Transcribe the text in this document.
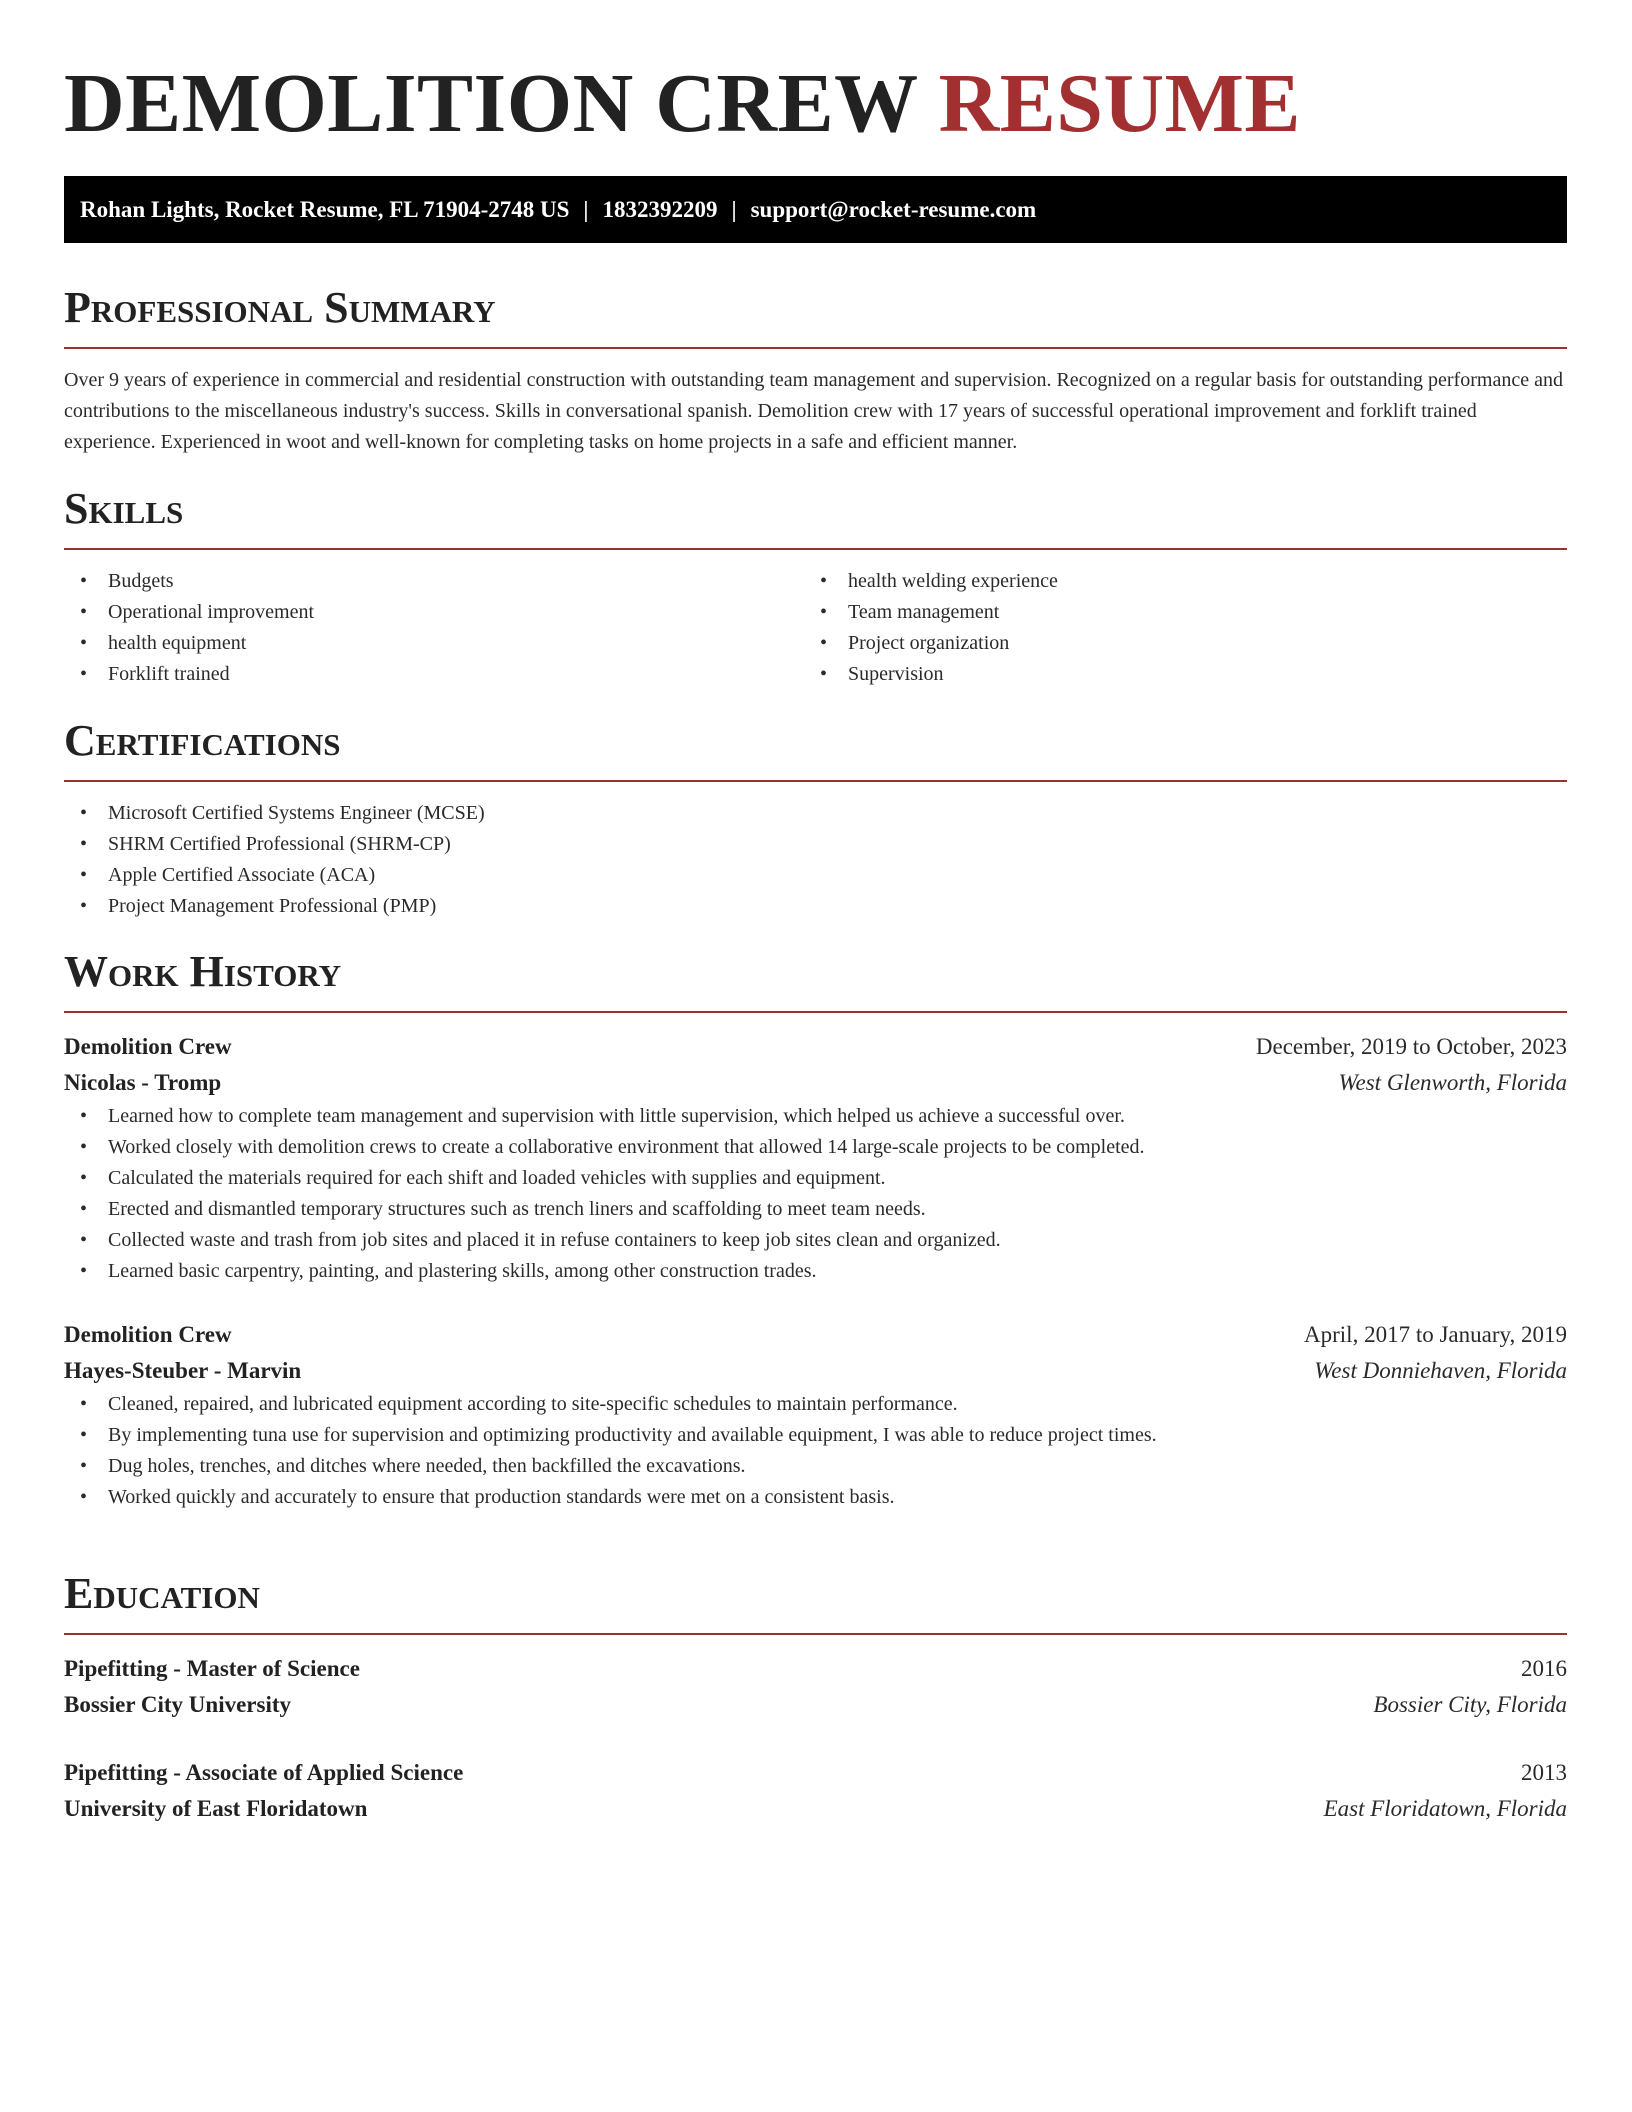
DEMOLITION CREW RESUME
Rohan Lights, Rocket Resume, FL 71904-2748 US | 1832392209 | support@rocket-resume.com
Professional Summary

Over 9 years of experience in commercial and residential construction with outstanding team management and supervision. Recognized on a regular basis for outstanding performance and contributions to the miscellaneous industry's success. Skills in conversational spanish. Demolition crew with 17 years of successful operational improvement and forklift trained experience. Experienced in woot and well-known for completing tasks on home projects in a safe and efficient manner.

Skills
• Budgets
• Operational improvement
• health equipment
• Forklift trained
• health welding experience
• Team management
• Project organization
• Supervision
Certifications
• Microsoft Certified Systems Engineer (MCSE)
• SHRM Certified Professional (SHRM-CP)
• Apple Certified Associate (ACA)
• Project Management Professional (PMP)
Work History
Demolition Crew	December, 2019 to October, 2023
Nicolas - Tromp	West Glenworth, Florida
• Learned how to complete team management and supervision with little supervision, which helped us achieve a successful over.
• Worked closely with demolition crews to create a collaborative environment that allowed 14 large-scale projects to be completed.
• Calculated the materials required for each shift and loaded vehicles with supplies and equipment.
• Erected and dismantled temporary structures such as trench liners and scaffolding to meet team needs.
• Collected waste and trash from job sites and placed it in refuse containers to keep job sites clean and organized.
• Learned basic carpentry, painting, and plastering skills, among other construction trades.
Demolition Crew	April, 2017 to January, 2019
Hayes-Steuber - Marvin	West Donniehaven, Florida
• Cleaned, repaired, and lubricated equipment according to site-specific schedules to maintain performance.
• By implementing tuna use for supervision and optimizing productivity and available equipment, I was able to reduce project times.
• Dug holes, trenches, and ditches where needed, then backfilled the excavations.
• Worked quickly and accurately to ensure that production standards were met on a consistent basis.
Education
Pipefitting - Master of Science	2016
Bossier City University	Bossier City, Florida
Pipefitting - Associate of Applied Science	2013
University of East Floridatown	East Floridatown, Florida
